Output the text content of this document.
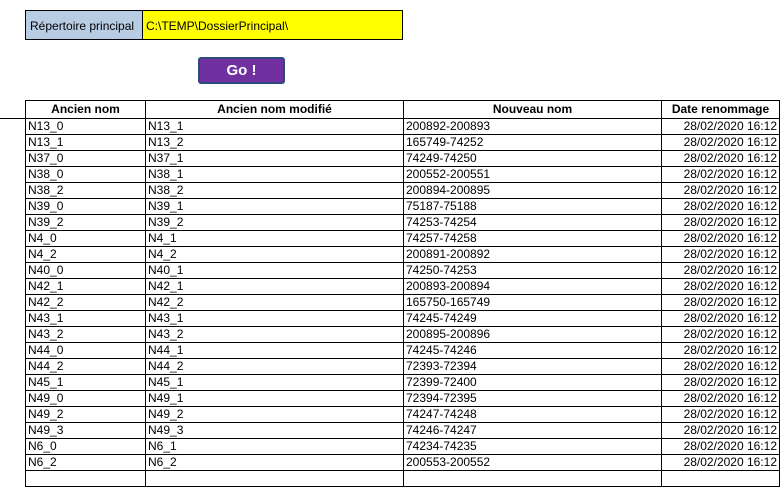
Répertoire principal C:\TEMP\DossierPrincipal\
Go !
Ancien nom	Ancien nom modifié	Nouveau nom	Date renommage
N13_0	N13_1	200892-200893	28/02/2020 16:12
N13_1	N13_2	165749-74252	28/02/2020 16:12
N37_0	N37_1	74249-74250	28/02/2020 16:12
N38_0	N38_1	200552-200551	28/02/2020 16:12
N38_2	N38_2	200894-200895	28/02/2020 16:12
N39_0	N39_1	75187-75188	28/02/2020 16:12
N39_2	N39_2	74253-74254	28/02/2020 16:12
N4_0	N4_1	74257-74258	28/02/2020 16:12
N4_2	N4_2	200891-200892	28/02/2020 16:12
N40_0	N40_1	74250-74253	28/02/2020 16:12
N42_1	N42_1	200893-200894	28/02/2020 16:12
N42_2	N42_2	165750-165749	28/02/2020 16:12
N43_1	N43_1	74245-74249	28/02/2020 16:12
N43_2	N43_2	200895-200896	28/02/2020 16:12
N44_0	N44_1	74245-74246	28/02/2020 16:12
N44_2	N44_2	72393-72394	28/02/2020 16:12
N45_1	N45_1	72399-72400	28/02/2020 16:12
N49_0	N49_1	72394-72395	28/02/2020 16:12
N49_2	N49_2	74247-74248	28/02/2020 16:12
N49_3	N49_3	74246-74247	28/02/2020 16:12
N6_0	N6_1	74234-74235	28/02/2020 16:12
N6_2	N6_2	200553-200552	28/02/2020 16:12
